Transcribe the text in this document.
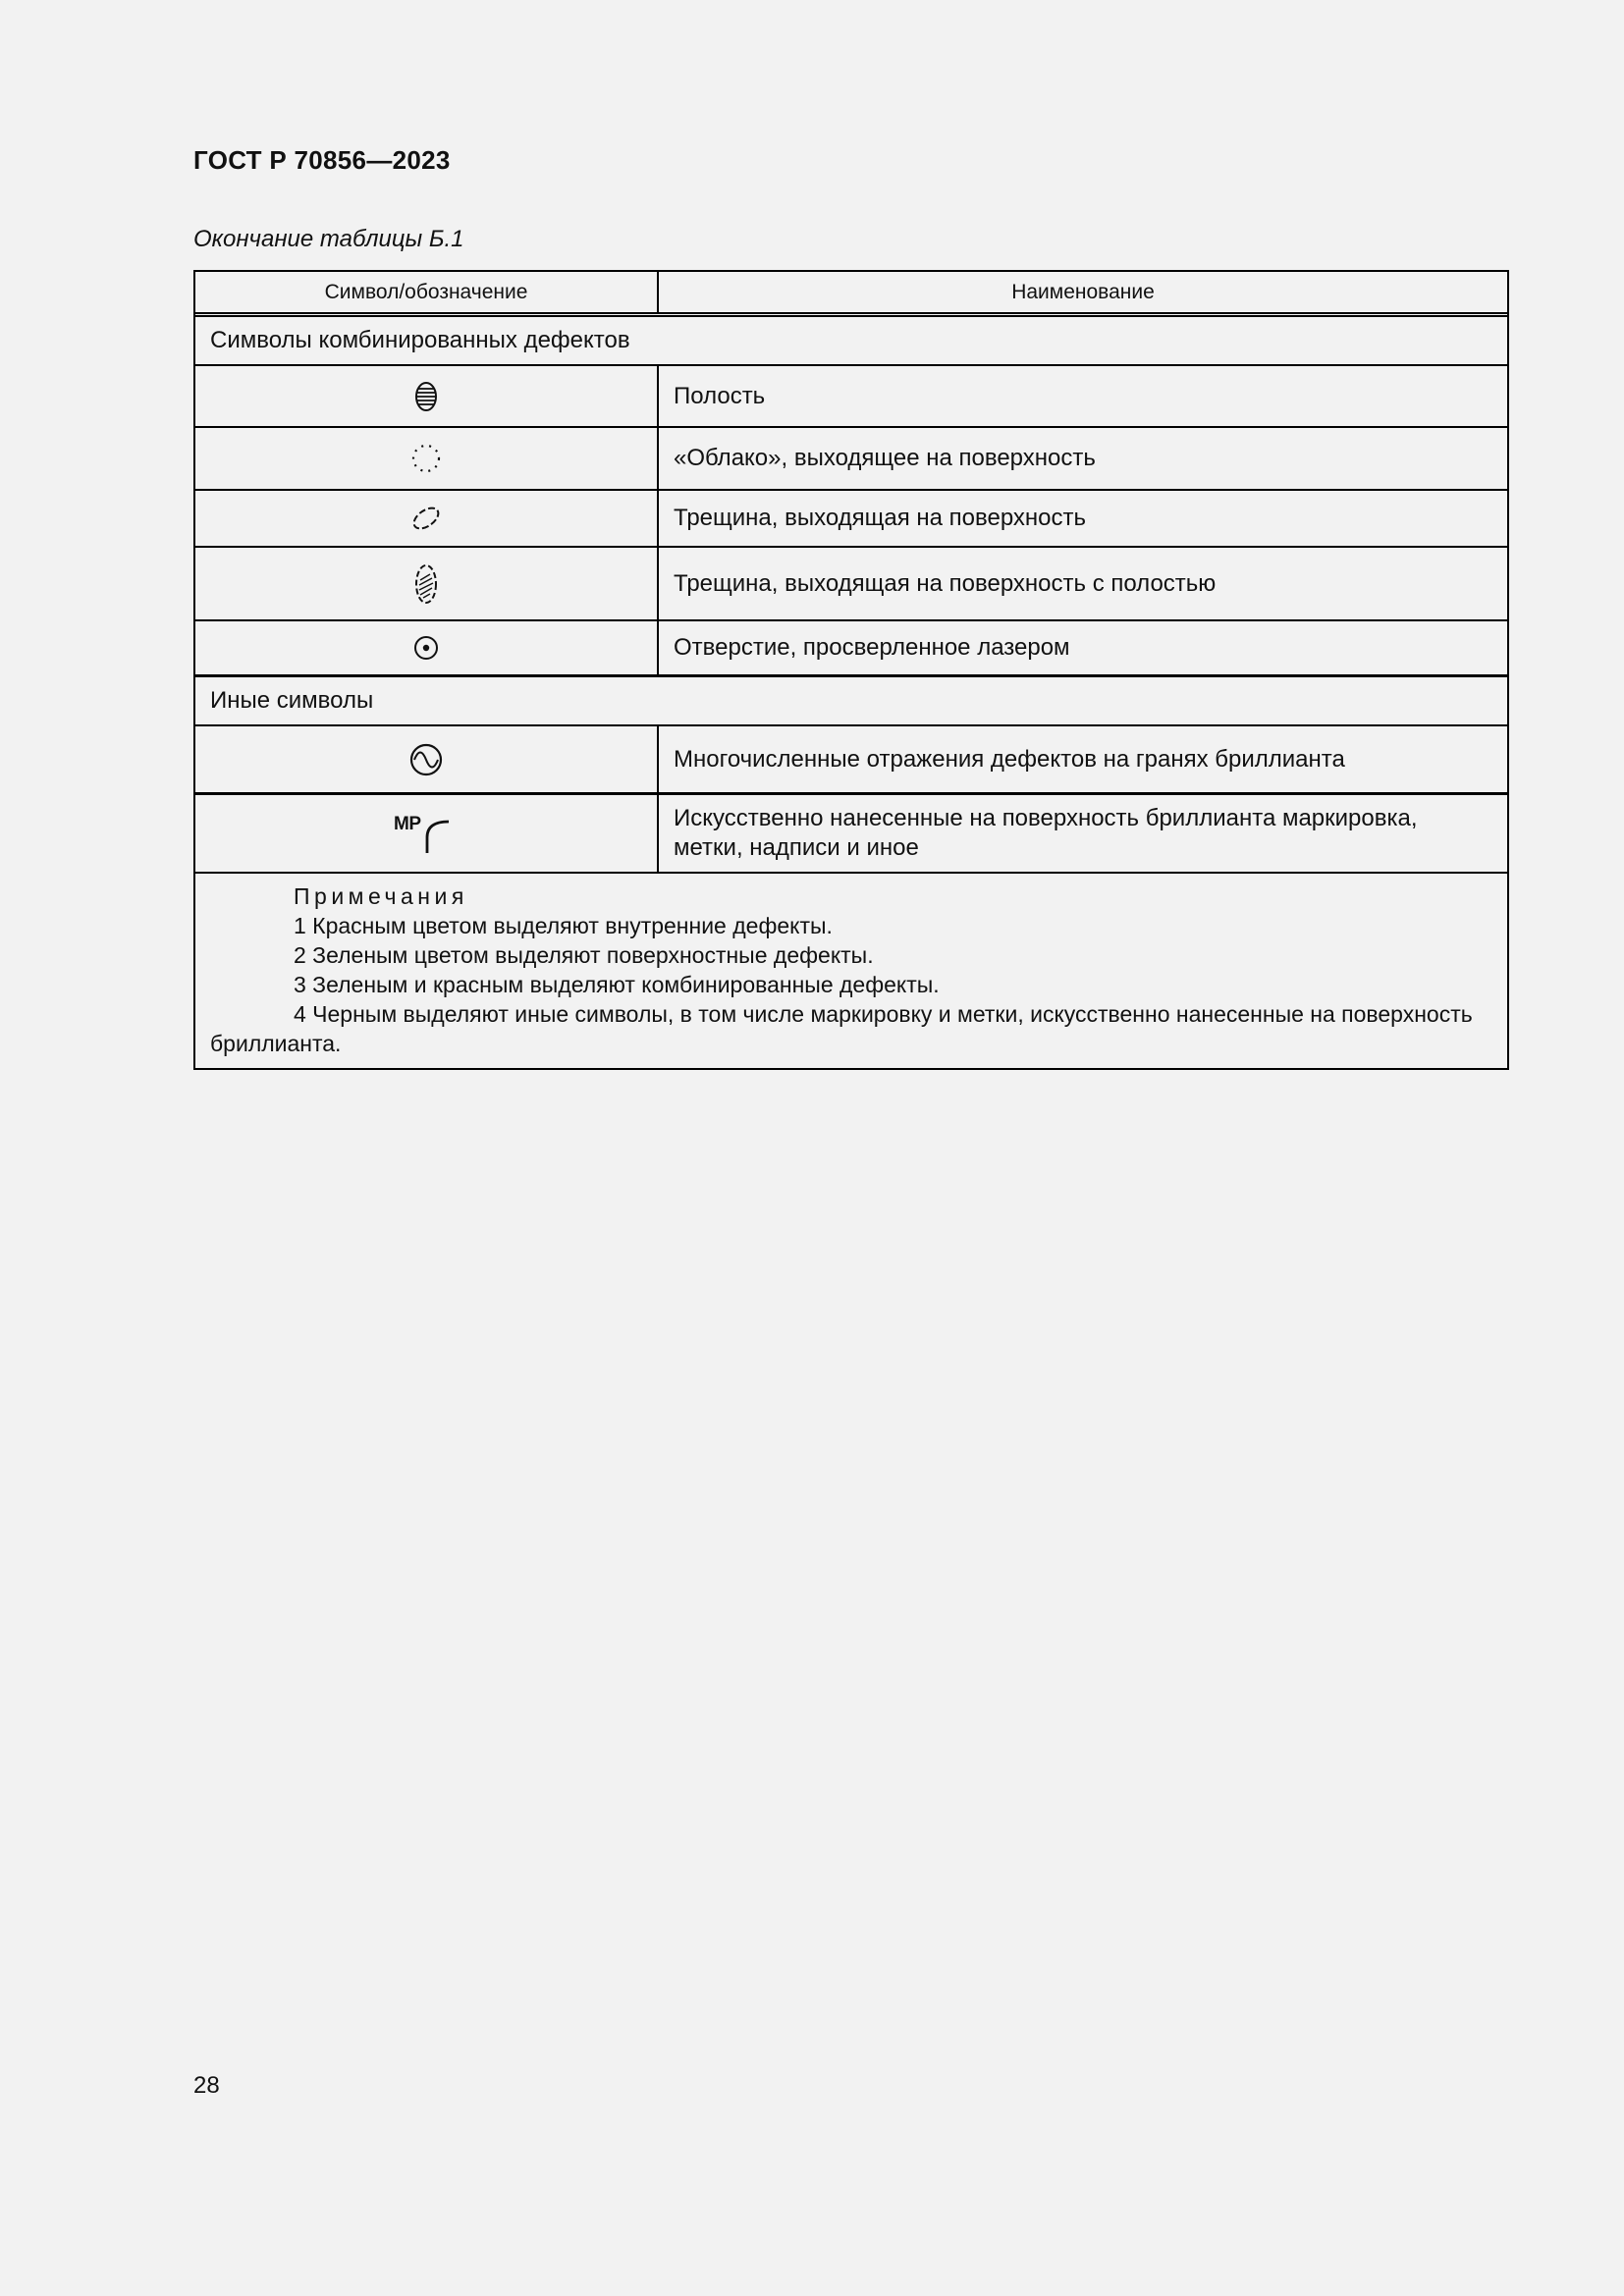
ГОСТ Р 70856—2023
Окончание таблицы Б.1
Символ/обозначение	Наименование
Символы комбинированных дефектов
Полость
«Облако», выходящее на поверхность
Трещина, выходящая на поверхность
Трещина, выходящая на поверхность с полостью
Отверстие, просверленное лазером
Иные символы
Многочисленные отражения дефектов на гранях бриллианта
МР	Искусственно нанесенные на поверхность бриллианта маркировка, метки, надписи и иное
Примечания
1 Красным цветом выделяют внутренние дефекты.
2 Зеленым цветом выделяют поверхностные дефекты.
3 Зеленым и красным выделяют комбинированные дефекты.
4 Черным выделяют иные символы, в том числе маркировку и метки, искусственно нанесенные на поверхность бриллианта.
28
